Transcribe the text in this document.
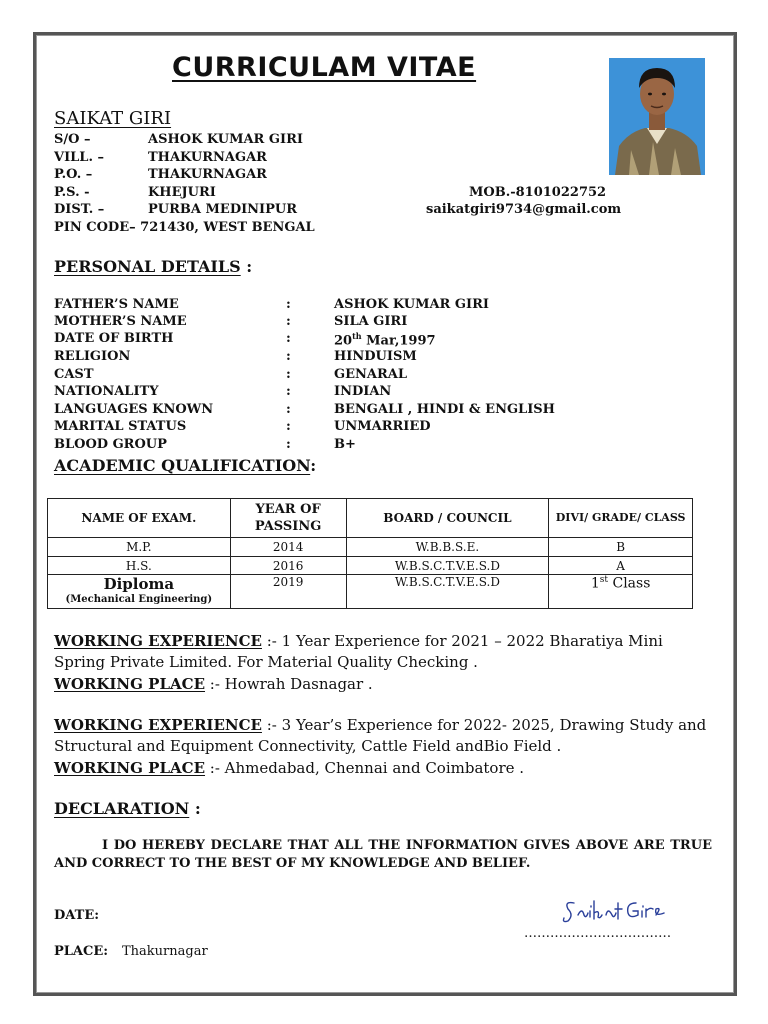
CURRICULAM VITAE
SAIKAT GIRI
S/O –	ASHOK KUMAR GIRI
VILL. –	THAKURNAGAR
P.O. –	THAKURNAGAR
P.S. -	KHEJURI
DIST. –	PURBA MEDINIPUR
PIN CODE– 721430, WEST BENGAL
MOB.-8101022752
saikatgiri9734@gmail.com
PERSONAL DETAILS :
FATHER’S NAME	:	ASHOK KUMAR GIRI
MOTHER’S NAME	:	SILA GIRI
DATE OF BIRTH	:	20th Mar,1997
RELIGION	:	HINDUISM
CAST	:	GENARAL
NATIONALITY	:	INDIAN
LANGUAGES KNOWN	:	BENGALI , HINDI & ENGLISH
MARITAL STATUS	:	UNMARRIED
BLOOD GROUP	:	B+
ACADEMIC QUALIFICATION:
NAME OF EXAM.	YEAR OF PASSING	BOARD / COUNCIL	DIVI/ GRADE/ CLASS
M.P.	2014	W.B.B.S.E.	B
H.S.	2016	W.B.S.C.T.V.E.S.D	A

Diploma
(Mechanical Engineering)	2019	W.B.S.C.T.V.E.S.D	1st Class
WORKING EXPERIENCE :- 1 Year Experience for 2021 – 2022 Bharatiya Mini Spring Private Limited. For Material Quality Checking .
WORKING PLACE :- Howrah Dasnagar .
WORKING EXPERIENCE :- 3 Year’s Experience for 2022- 2025, Drawing Study and Structural and Equipment Connectivity, Cattle Field andBio Field .
WORKING PLACE :- Ahmedabad, Chennai and Coimbatore .
DECLARATION :
I DO HEREBY DECLARE THAT ALL THE INFORMATION GIVES ABOVE ARE TRUE AND CORRECT TO THE BEST OF MY KNOWLEDGE AND BELIEF.
DATE:
……….……………………
PLACE: Thakurnagar
